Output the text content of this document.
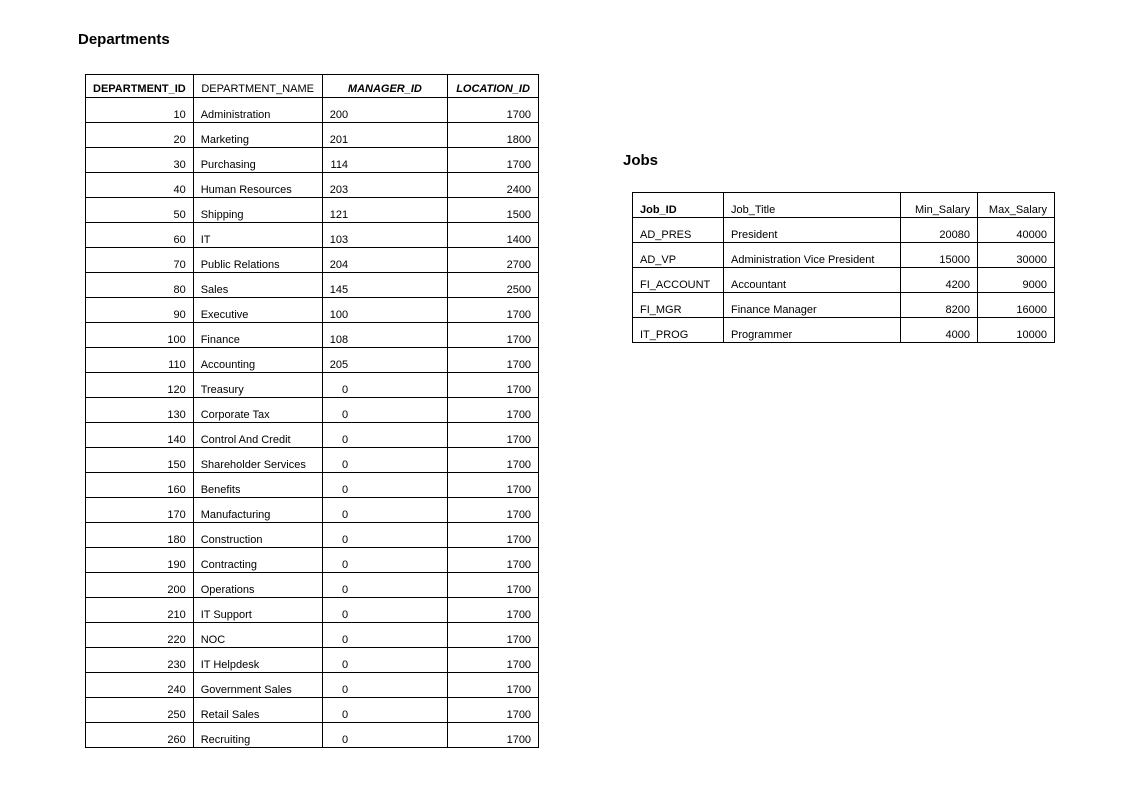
Departments
DEPARTMENT_ID	DEPARTMENT_NAME	MANAGER_ID	LOCATION_ID
10	Administration	200	1700
20	Marketing	201	1800
30	Purchasing	114	1700
40	Human Resources	203	2400
50	Shipping	121	1500
60	IT	103	1400
70	Public Relations	204	2700
80	Sales	145	2500
90	Executive	100	1700
100	Finance	108	1700
110	Accounting	205	1700
120	Treasury	0	1700
130	Corporate Tax	0	1700
140	Control And Credit	0	1700
150	Shareholder Services	0	1700
160	Benefits	0	1700
170	Manufacturing	0	1700
180	Construction	0	1700
190	Contracting	0	1700
200	Operations	0	1700
210	IT Support	0	1700
220	NOC	0	1700
230	IT Helpdesk	0	1700
240	Government Sales	0	1700
250	Retail Sales	0	1700
260	Recruiting	0	1700
Jobs
Job_ID	Job_Title	Min_Salary	Max_Salary
AD_PRES	President	20080	40000
AD_VP	Administration Vice President	15000	30000
FI_ACCOUNT	Accountant	4200	9000
FI_MGR	Finance Manager	8200	16000
IT_PROG	Programmer	4000	10000
